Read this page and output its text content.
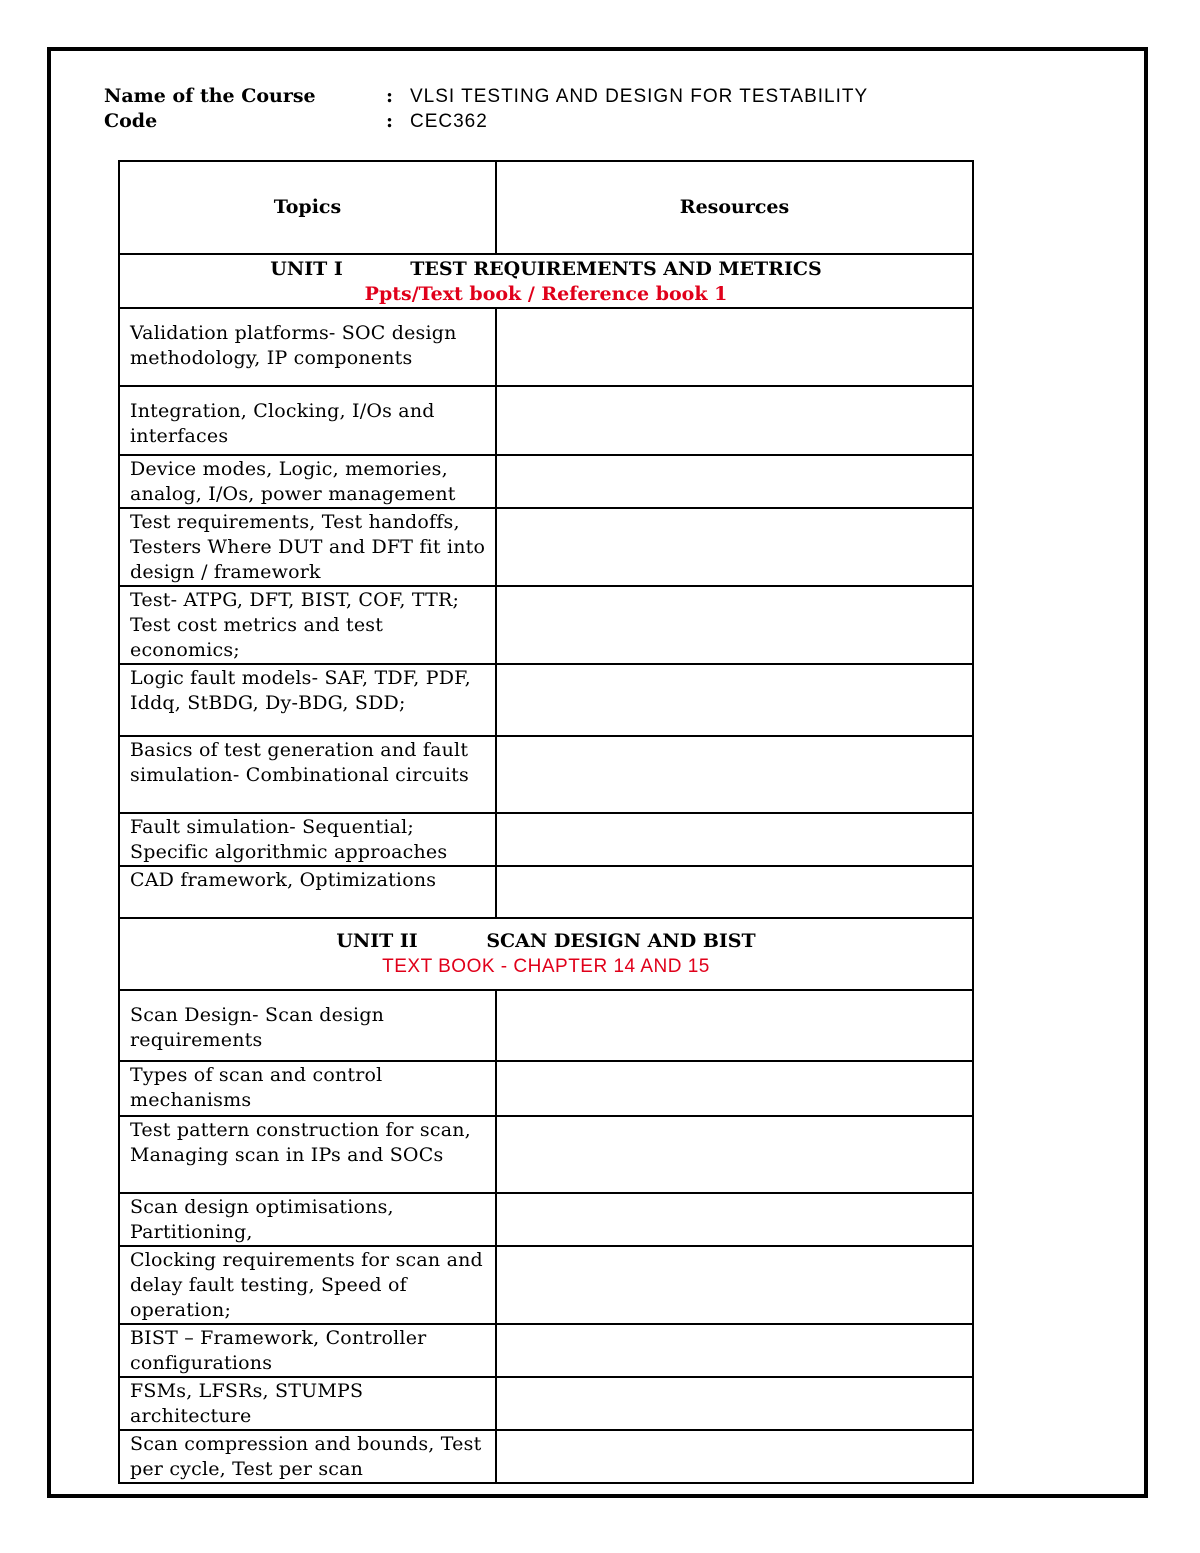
Name of the Course	: VLSI TESTING AND DESIGN FOR TESTABILITY
Code	: CEC362
Topics	Resources

UNIT I TEST REQUIREMENTS AND METRICS
Ppts/Text book / Reference book 1	

Validation platforms- SOC design methodology, IP components	
Integration, Clocking, I/Os and interfaces	
Device modes, Logic, memories, analog, I/Os, power management	
Test requirements, Test handoffs, Testers Where DUT and DFT fit into design / framework	
Test- ATPG, DFT, BIST, COF, TTR; Test cost metrics and test economics;	
Logic fault models- SAF, TDF, PDF, Iddq, StBDG, Dy-BDG, SDD;	
Basics of test generation and fault simulation- Combinational circuits	
Fault simulation- Sequential; Specific algorithmic approaches	
CAD framework, Optimizations	

UNIT II SCAN DESIGN AND BIST
TEXT BOOK - CHAPTER 14 AND 15	

Scan Design- Scan design requirements	
Types of scan and control mechanisms	
Test pattern construction for scan, Managing scan in IPs and SOCs	
Scan design optimisations, Partitioning,	
Clocking requirements for scan and delay fault testing, Speed of operation;	
BIST – Framework, Controller configurations	
FSMs, LFSRs, STUMPS architecture	
Scan compression and bounds, Test per cycle, Test per scan	
